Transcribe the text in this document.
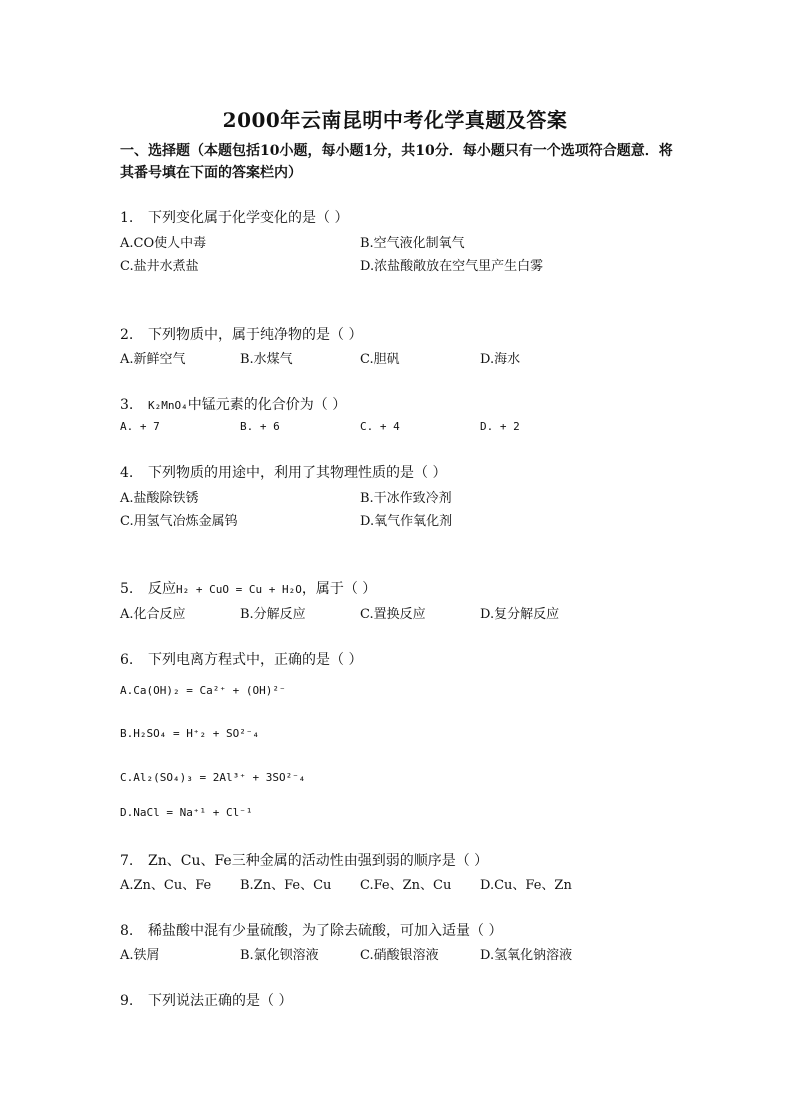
2000年云南昆明中考化学真题及答案
一、选择题（本题包括10小题，每小题1分，共10分．每小题只有一个选项符合题意．将其番号填在下面的答案栏内）
1. 下列变化属于化学变化的是（ ）
A.CO使人中毒	B.空气液化制氧气
C.盐井水煮盐	D.浓盐酸敞放在空气里产生白雾
2. 下列物质中，属于纯净物的是（ ）
A.新鲜空气	B.水煤气	C.胆矾	D.海水
3. K₂MnO₄中锰元素的化合价为（ ）
A. + 7	B. + 6	C. + 4	D. + 2
4. 下列物质的用途中，利用了其物理性质的是（ ）
A.盐酸除铁锈	B.干冰作致冷剂
C.用氢气冶炼金属钨	D.氧气作氧化剂
5. 反应H₂ + CuO = Cu + H₂O，属于（ ）
A.化合反应	B.分解反应	C.置换反应	D.复分解反应
6. 下列电离方程式中，正确的是（ ）
A.Ca(OH)₂ = Ca²⁺ + (OH)²⁻
B.H₂SO₄ = H⁺₂ + SO²⁻₄
C.Al₂(SO₄)₃ = 2Al³⁺ + 3SO²⁻₄
D.NaCl = Na⁺¹ + Cl⁻¹
7. Zn、Cu、Fe三种金属的活动性由强到弱的顺序是（ ）
A.Zn、Cu、Fe B.Zn、Fe、Cu C.Fe、Zn、Cu D.Cu、Fe、Zn
8. 稀盐酸中混有少量硫酸，为了除去硫酸，可加入适量（ ）
A.铁屑	B.氯化钡溶液	C.硝酸银溶液	D.氢氧化钠溶液
9. 下列说法正确的是（ ）
